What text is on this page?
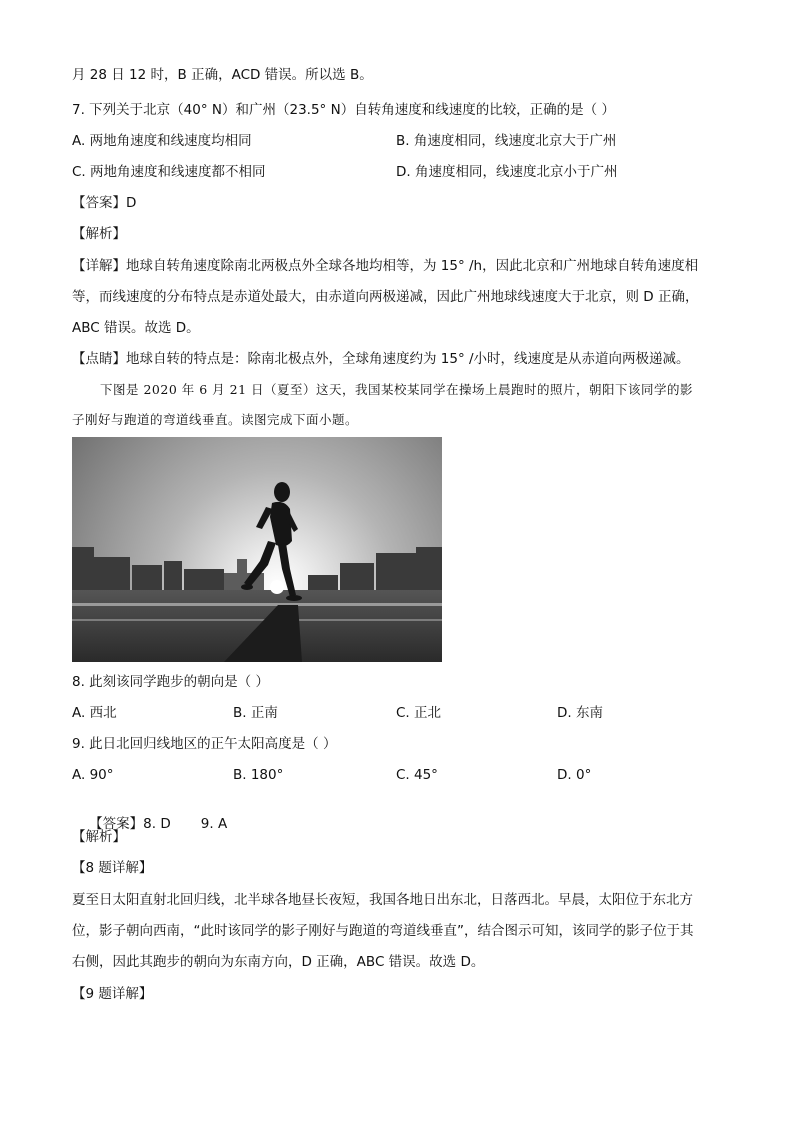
月 28 日 12 时，B 正确，ACD 错误。所以选 B。
7. 下列关于北京（40° N）和广州（23.5° N）自转角速度和线速度的比较，正确的是（ ）
A. 两地角速度和线速度均相同	B. 角速度相同，线速度北京大于广州
C. 两地角速度和线速度都不相同	D. 角速度相同，线速度北京小于广州
【答案】D
【解析】
【详解】地球自转角速度除南北两极点外全球各地均相等，为 15° /h，因此北京和广州地球自转角速度相
等，而线速度的分布特点是赤道处最大，由赤道向两极递减，因此广州地球线速度大于北京，则 D 正确，
ABC 错误。故选 D。
【点睛】地球自转的特点是：除南北极点外，全球角速度约为 15° /小时，线速度是从赤道向两极递减。
下图是 2020 年 6 月 21 日（夏至）这天，我国某校某同学在操场上晨跑时的照片，朝阳下该同学的影
子刚好与跑道的弯道线垂直。读图完成下面小题。
8. 此刻该同学跑步的朝向是（ ）
A. 西北	B. 正南	C. 正北	D. 东南
9. 此日北回归线地区的正午太阳高度是（ ）
A. 90°	B. 180°	C. 45°	D. 0°

【答案】8. D       9. A

【解析】
【8 题详解】
夏至日太阳直射北回归线，北半球各地昼长夜短，我国各地日出东北，日落西北。早晨，太阳位于东北方
位，影子朝向西南，“此时该同学的影子刚好与跑道的弯道线垂直”，结合图示可知，该同学的影子位于其
右侧，因此其跑步的朝向为东南方向，D 正确，ABC 错误。故选 D。
【9 题详解】
